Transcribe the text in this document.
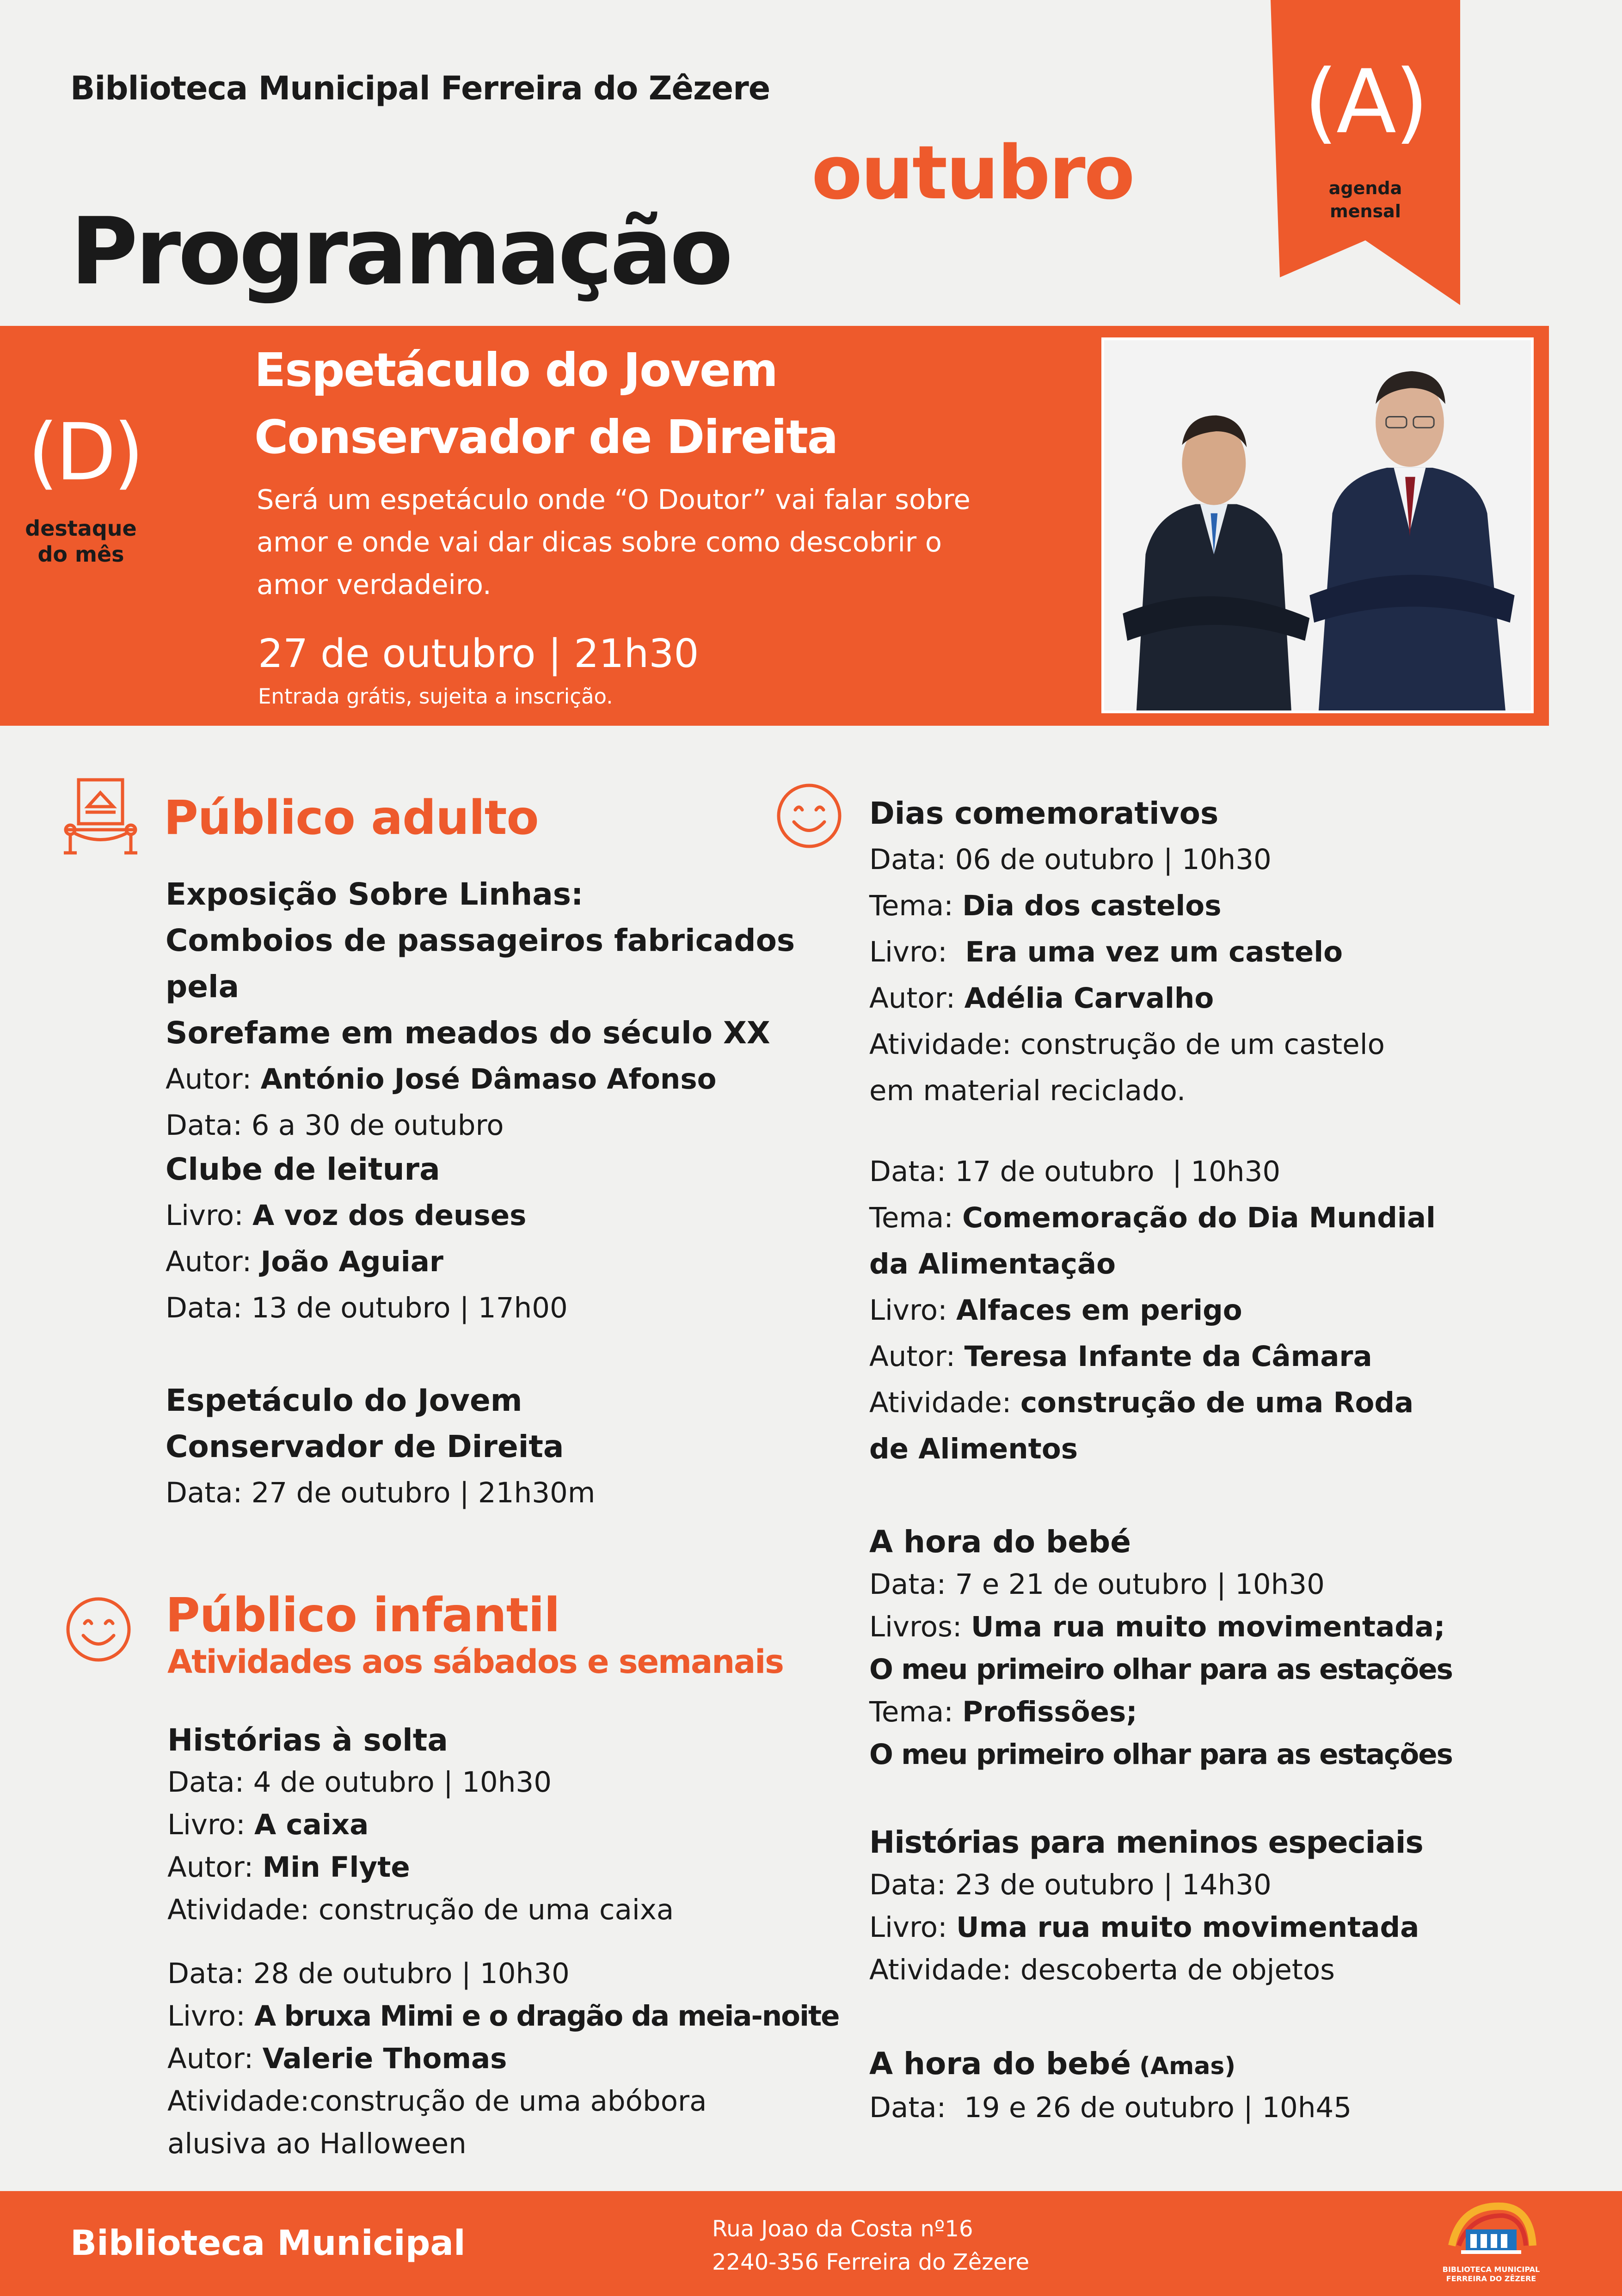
Biblioteca Municipal Ferreira do Zêzere
outubro
Programação
(A)
agenda
mensal
(D)
destaque
do mês
Espetáculo do Jovem
Conservador de Direita
Será um espetáculo onde “O Doutor” vai falar sobre amor e onde vai dar dicas sobre como descobrir o amor verdadeiro.
27 de outubro | 21h30
Entrada grátis, sujeita a inscrição.
Público adulto
Exposição Sobre Linhas:
Comboios de passageiros fabricados pela
Sorefame em meados do século XX
Autor: António José Dâmaso Afonso
Data: 6 a 30 de outubro
Clube de leitura
Livro: A voz dos deuses
Autor: João Aguiar
Data: 13 de outubro | 17h00
Espetáculo do Jovem
Conservador de Direita
Data: 27 de outubro | 21h30m
Público infantil
Atividades aos sábados e semanais
Histórias à solta
Data: 4 de outubro | 10h30
Livro: A caixa
Autor: Min Flyte
Atividade: construção de uma caixa
Data: 28 de outubro | 10h30
Livro: A bruxa Mimi e o dragão da meia-noite
Autor: Valerie Thomas
Atividade:construção de uma abóbora
alusiva ao Halloween
Dias comemorativos
Data: 06 de outubro | 10h30
Tema: Dia dos castelos
Livro:  Era uma vez um castelo
Autor: Adélia Carvalho
Atividade: construção de um castelo
em material reciclado.
Data: 17 de outubro  | 10h30
Tema: Comemoração do Dia Mundial
da Alimentação
Livro: Alfaces em perigo
Autor: Teresa Infante da Câmara
Atividade: construção de uma Roda
de Alimentos
A hora do bebé
Data: 7 e 21 de outubro | 10h30
Livros: Uma rua muito movimentada;
O meu primeiro olhar para as estações
Tema: Profissões;
O meu primeiro olhar para as estações
Histórias para meninos especiais
Data: 23 de outubro | 14h30
Livro: Uma rua muito movimentada
Atividade: descoberta de objetos
A hora do bebé (Amas)
Data:  19 e 26 de outubro | 10h45
Biblioteca Municipal	Rua Joao da Costa nº16
2240-356 Ferreira do Zêzere	BIBLIOTECA MUNICIPAL
FERREIRA DO ZÊZERE
